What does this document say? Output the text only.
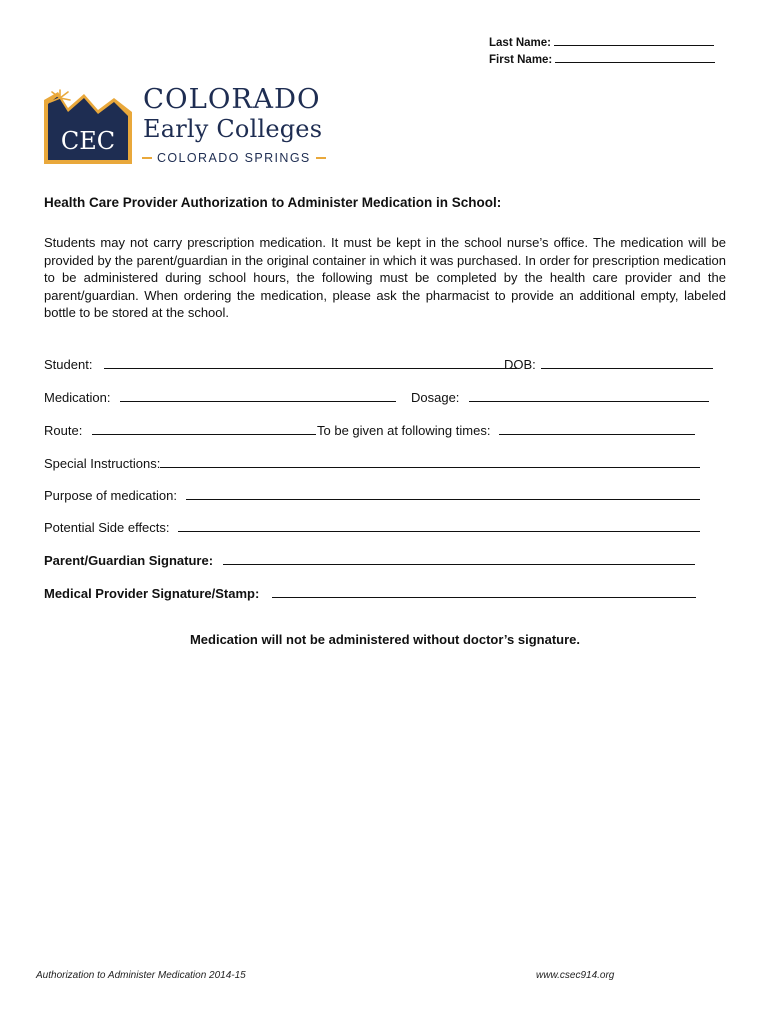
Last Name:
First Name:
CEC
COLORADO
Early Colleges
COLORADO SPRINGS
Health Care Provider Authorization to Administer Medication in School:
Students may not carry prescription medication. It must be kept in the school nurse’s office. The medication will be provided by the parent/guardian in the original container in which it was purchased. In order for prescription medication to be administered during school hours, the following must be completed by the health care provider and the parent/guardian. When ordering the medication, please ask the pharmacist to provide an additional empty, labeled bottle to be stored at the school.
Student:	DOB:
Medication:	Dosage:
Route:	To be given at following times:
Special Instructions:
Purpose of medication:
Potential Side effects:
Parent/Guardian Signature:
Medical Provider Signature/Stamp:
Medication will not be administered without doctor’s signature.
Authorization to Administer Medication 2014-15	www.csec914.org
